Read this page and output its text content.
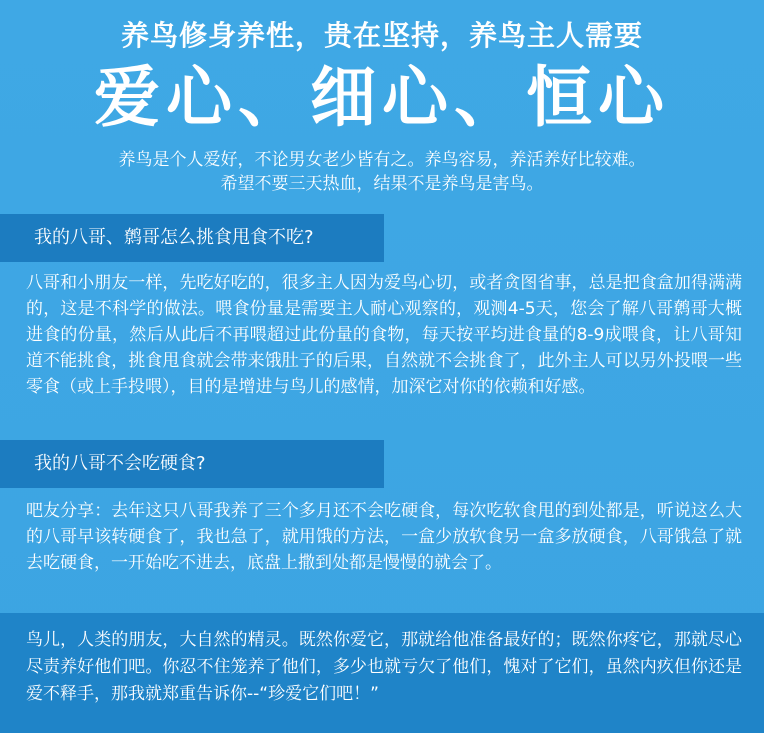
养鸟修身养性，贵在坚持，养鸟主人需要
爱心、细心、恒心
养鸟是个人爱好，不论男女老少皆有之。养鸟容易，养活养好比较难。
希望不要三天热血，结果不是养鸟是害鸟。
我的八哥、鹩哥怎么挑食甩食不吃?
八哥和小朋友一样，先吃好吃的，很多主人因为爱鸟心切，或者贪图省事，总是把食盒加得满满的，这是不科学的做法。喂食份量是需要主人耐心观察的，观测4-5天，您会了解八哥鹩哥大概进食的份量，然后从此后不再喂超过此份量的食物，每天按平均进食量的8-9成喂食，让八哥知道不能挑食，挑食甩食就会带来饿肚子的后果，自然就不会挑食了，此外主人可以另外投喂一些零食（或上手投喂），目的是增进与鸟儿的感情，加深它对你的依赖和好感。
我的八哥不会吃硬食?
吧友分享：去年这只八哥我养了三个多月还不会吃硬食，每次吃软食甩的到处都是，听说这么大的八哥早该转硬食了，我也急了，就用饿的方法，一盒少放软食另一盒多放硬食，八哥饿急了就去吃硬食，一开始吃不进去，底盘上撒到处都是慢慢的就会了。
鸟儿，人类的朋友，大自然的精灵。既然你爱它，那就给他准备最好的；既然你疼它，那就尽心尽责养好他们吧。你忍不住笼养了他们，多少也就亏欠了他们，愧对了它们，虽然内疚但你还是爱不释手，那我就郑重告诉你--“珍爱它们吧！”
